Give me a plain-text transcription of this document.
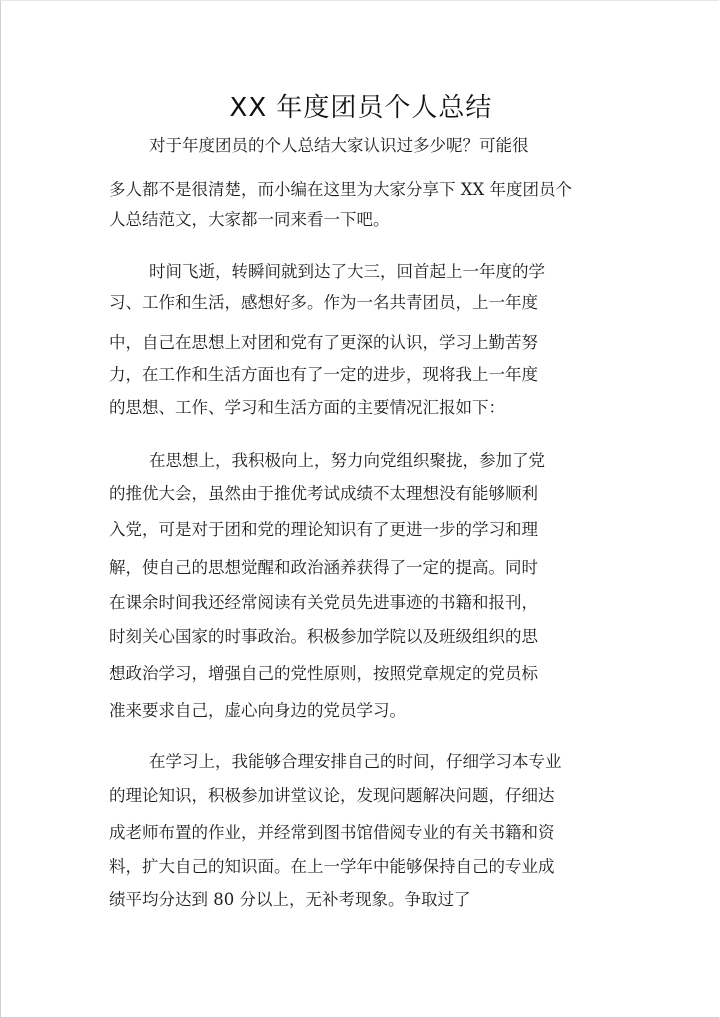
XX 年度团员个人总结
对于年度团员的个人总结大家认识过多少呢？可能很
多人都不是很清楚，而小编在这里为大家分享下 XX 年度团员个
人总结范文，大家都一同来看一下吧。
时间飞逝，转瞬间就到达了大三，回首起上一年度的学
习、工作和生活，感想好多。作为一名共青团员，上一年度
中，自己在思想上对团和党有了更深的认识，学习上勤苦努
力，在工作和生活方面也有了一定的进步，现将我上一年度
的思想、工作、学习和生活方面的主要情况汇报如下：
在思想上，我积极向上，努力向党组织聚拢，参加了党
的推优大会，虽然由于推优考试成绩不太理想没有能够顺利
入党，可是对于团和党的理论知识有了更进一步的学习和理
解，使自己的思想觉醒和政治涵养获得了一定的提高。同时
在课余时间我还经常阅读有关党员先进事迹的书籍和报刊，
时刻关心国家的时事政治。积极参加学院以及班级组织的思
想政治学习，增强自己的党性原则，按照党章规定的党员标
准来要求自己，虚心向身边的党员学习。
在学习上，我能够合理安排自己的时间，仔细学习本专业
的理论知识，积极参加讲堂议论，发现问题解决问题，仔细达
成老师布置的作业，并经常到图书馆借阅专业的有关书籍和资
料，扩大自己的知识面。在上一学年中能够保持自己的专业成
绩平均分达到 80 分以上，无补考现象。争取过了
